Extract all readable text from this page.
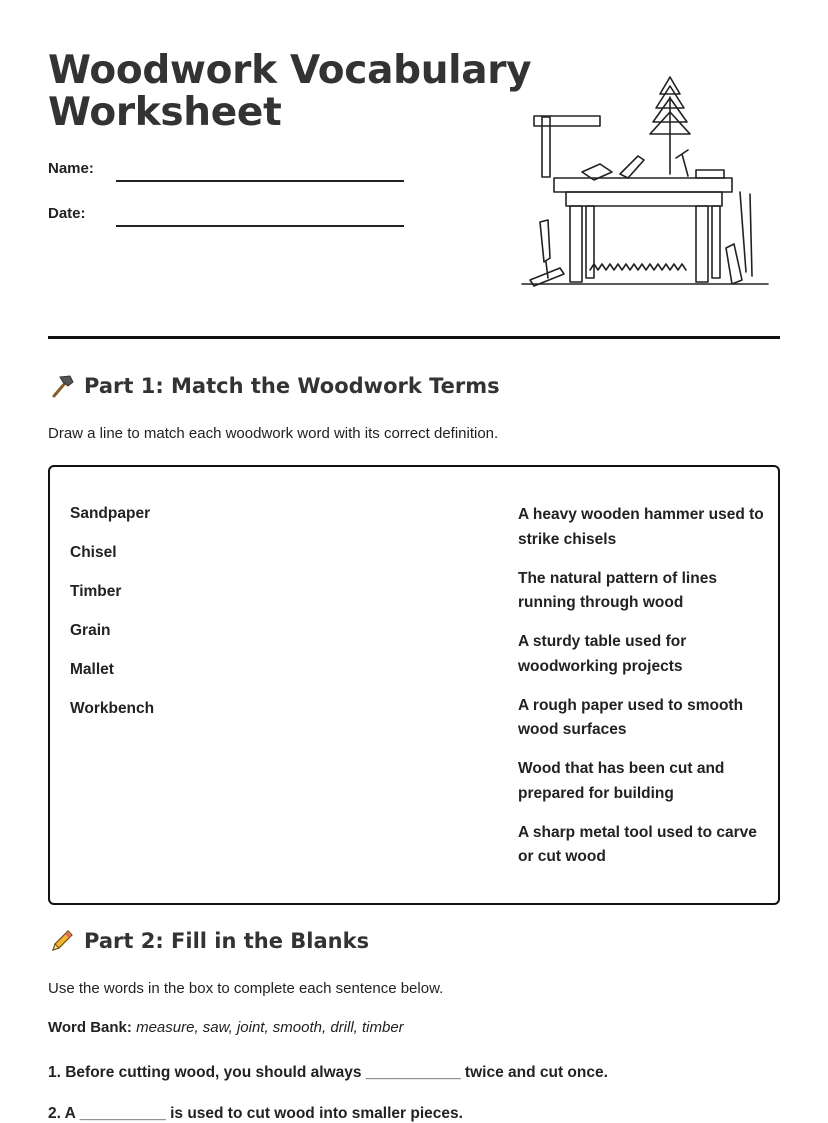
Woodwork Vocabulary
Worksheet
Name:
Date:
Part 1: Match the Woodwork Terms
Draw a line to match each woodwork word with its correct definition.
Sandpaper
Chisel
Timber
Grain
Mallet
Workbench
A heavy wooden hammer used to strike chisels
The natural pattern of lines running through wood
A sturdy table used for woodworking projects
A rough paper used to smooth wood surfaces
Wood that has been cut and prepared for building
A sharp metal tool used to carve or cut wood
Part 2: Fill in the Blanks
Use the words in the box to complete each sentence below.
Word Bank: measure, saw, joint, smooth, drill, timber
1. Before cutting wood, you should always ___________ twice and cut once.
2. A __________ is used to cut wood into smaller pieces.
